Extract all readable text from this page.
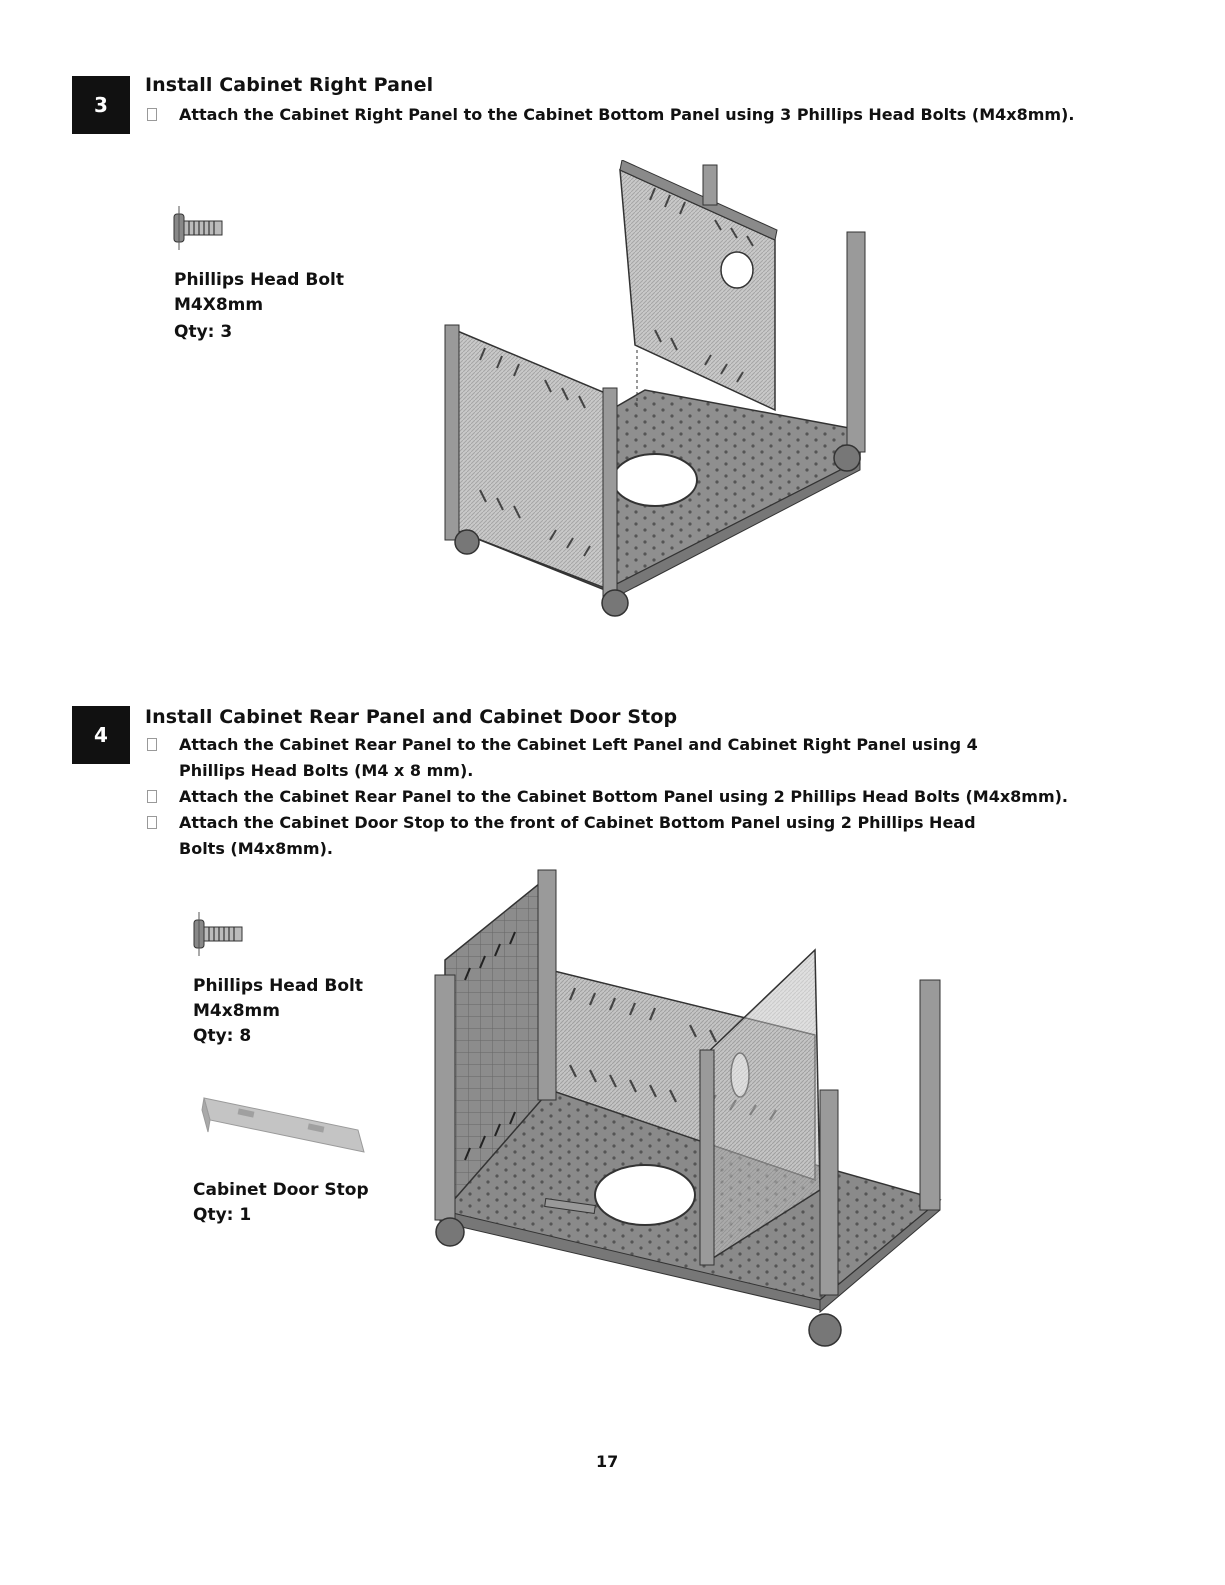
3
Install Cabinet Right Panel
Attach the Cabinet Right Panel to the Cabinet Bottom Panel using 3 Phillips Head Bolts (M4x8mm).
Phillips Head Bolt
M4X8mm
Qty: 3
4
Install Cabinet Rear Panel and Cabinet Door Stop
Attach the Cabinet Rear Panel to the Cabinet Left Panel and Cabinet Right Panel using 4 Phillips Head Bolts (M4 x 8 mm).
Attach the Cabinet Rear Panel to the Cabinet Bottom Panel using 2 Phillips Head Bolts (M4x8mm).
Attach the Cabinet Door Stop to the front of Cabinet Bottom Panel using 2 Phillips Head Bolts (M4x8mm).
Phillips Head Bolt
M4x8mm
Qty: 8
Cabinet Door Stop
Qty: 1
17
